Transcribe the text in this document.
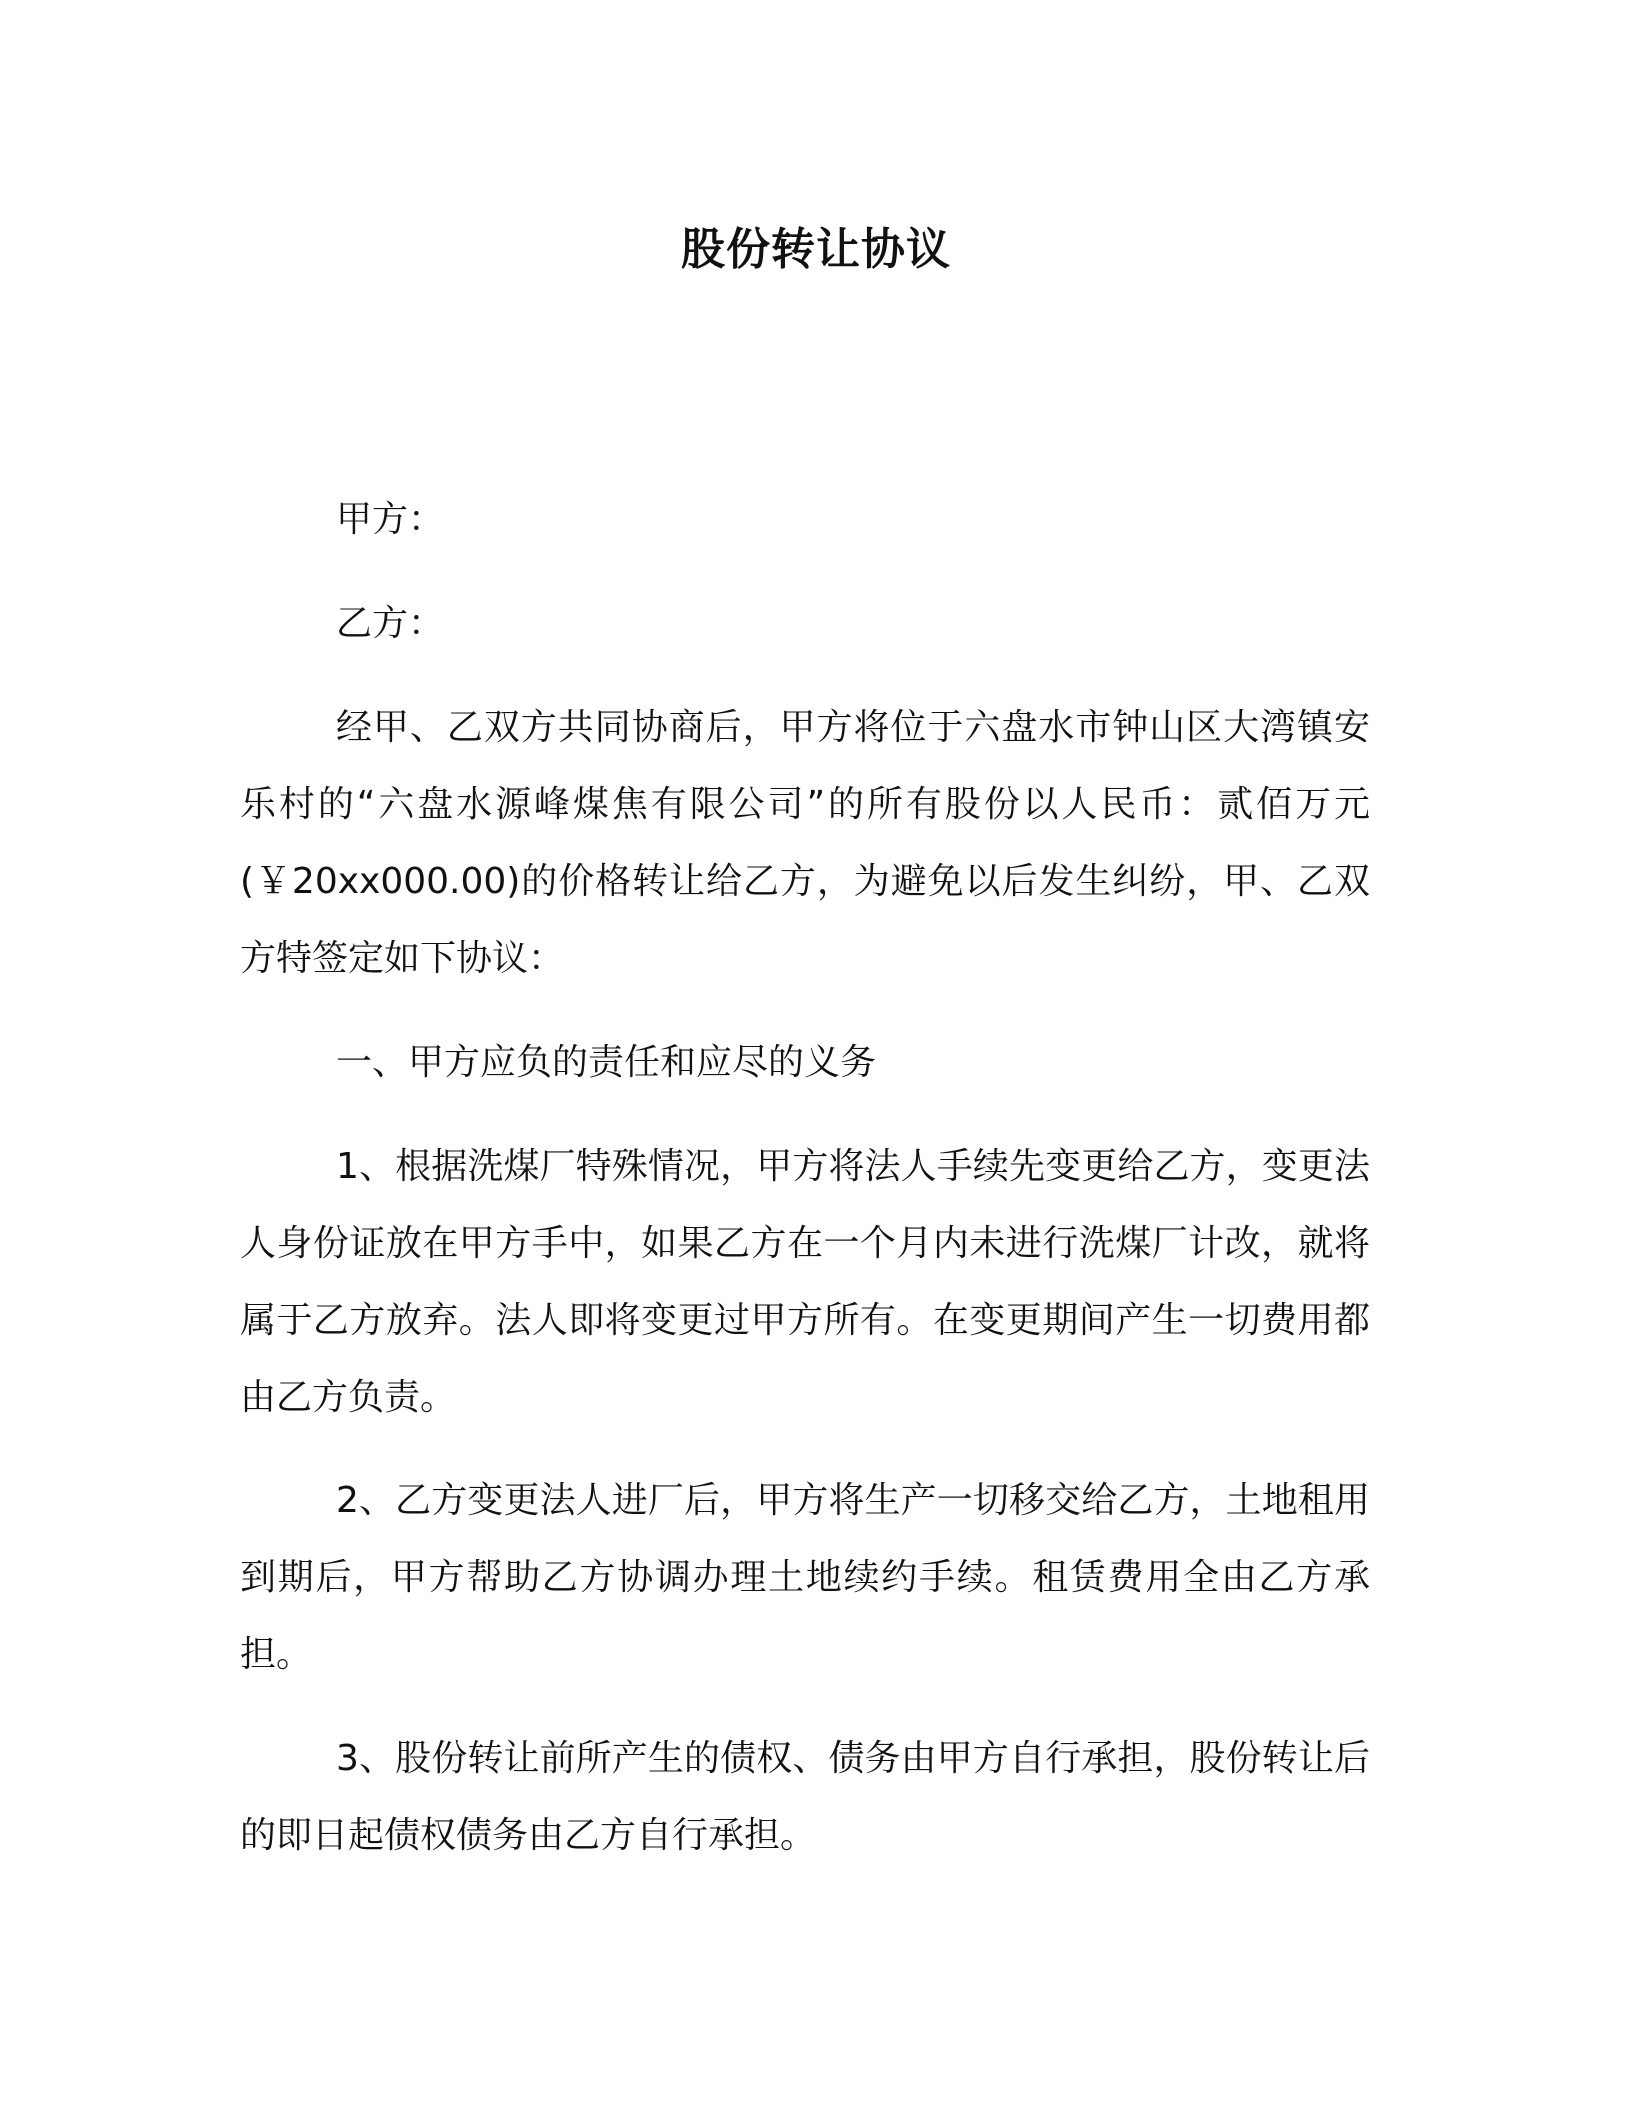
股份转让协议

甲方：

乙方：

经甲、乙双方共同协商后，甲方将位于六盘水市钟山区大湾镇安乐村的“六盘水源峰煤焦有限公司”的所有股份以人民币：贰佰万元(￥20xx000.00)的价格转让给乙方，为避免以后发生纠纷，甲、乙双方特签定如下协议：

一、甲方应负的责任和应尽的义务

1、根据洗煤厂特殊情况，甲方将法人手续先变更给乙方，变更法人身份证放在甲方手中，如果乙方在一个月内未进行洗煤厂计改，就将属于乙方放弃。法人即将变更过甲方所有。在变更期间产生一切费用都由乙方负责。

2、乙方变更法人进厂后，甲方将生产一切移交给乙方，土地租用到期后，甲方帮助乙方协调办理土地续约手续。租赁费用全由乙方承担。

3、股份转让前所产生的债权、债务由甲方自行承担，股份转让后的即日起债权债务由乙方自行承担。
